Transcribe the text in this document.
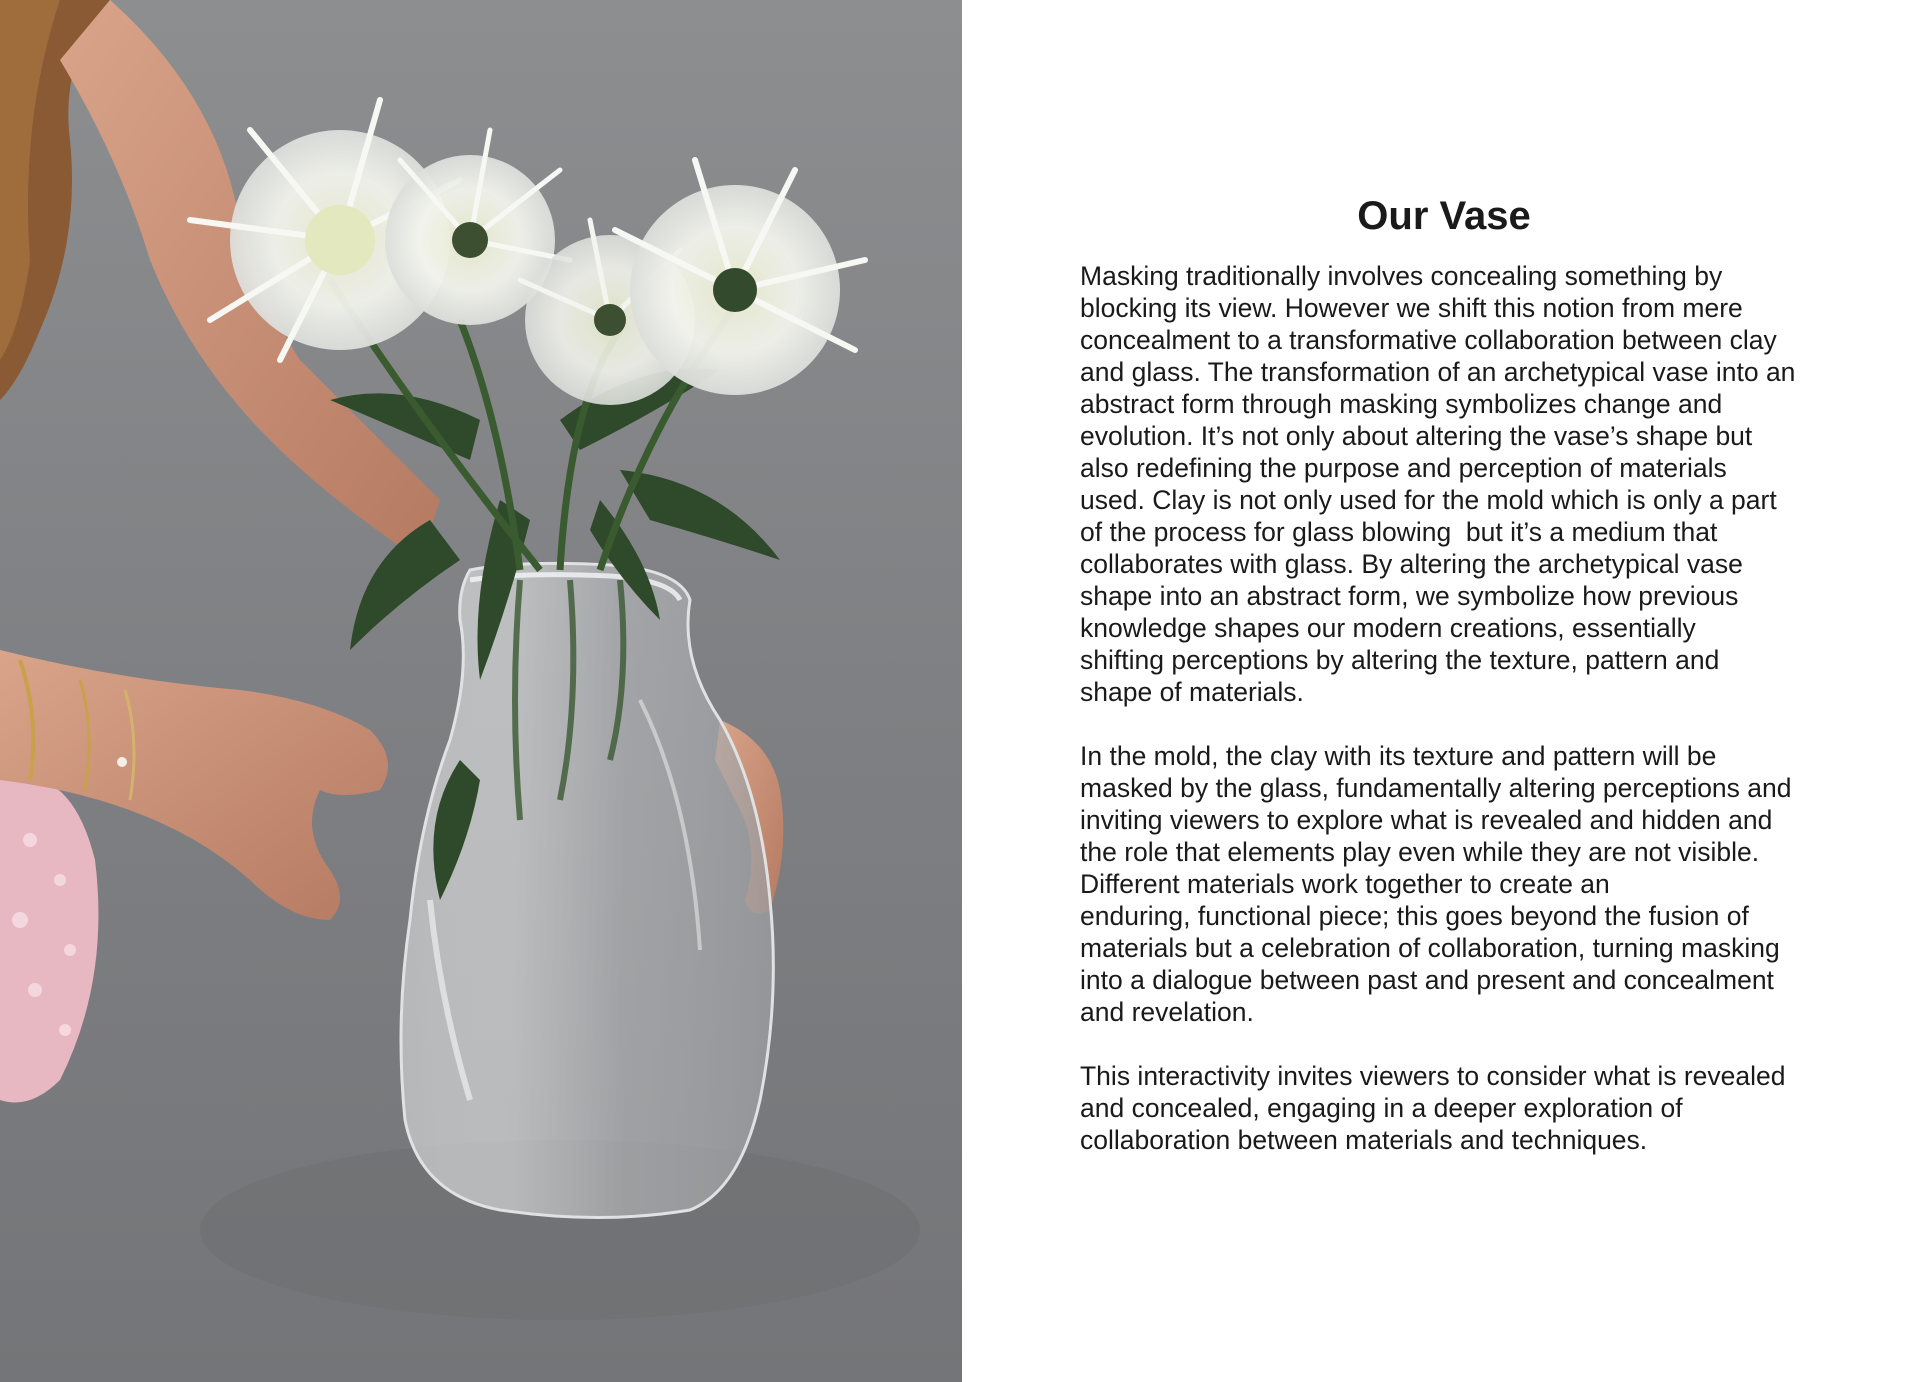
Our Vase

Masking traditionally involves concealing something by
blocking its view. However we shift this notion from mere
concealment to a transformative collaboration between clay
and glass. The transformation of an archetypical vase into an
abstract form through masking symbolizes change and
evolution. It’s not only about altering the vase’s shape but
also redefining the purpose and perception of materials
used. Clay is not only used for the mold which is only a part
of the process for glass blowing  but it’s a medium that
collaborates with glass. By altering the archetypical vase
shape into an abstract form, we symbolize how previous
knowledge shapes our modern creations, essentially
shifting perceptions by altering the texture, pattern and
shape of materials.

In the mold, the clay with its texture and pattern will be
masked by the glass, fundamentally altering perceptions and
inviting viewers to explore what is revealed and hidden and
the role that elements play even while they are not visible.
Different materials work together to create an
enduring, functional piece; this goes beyond the fusion of
materials but a celebration of collaboration, turning masking
into a dialogue between past and present and concealment
and revelation.

This interactivity invites viewers to consider what is revealed
and concealed, engaging in a deeper exploration of
collaboration between materials and techniques.
